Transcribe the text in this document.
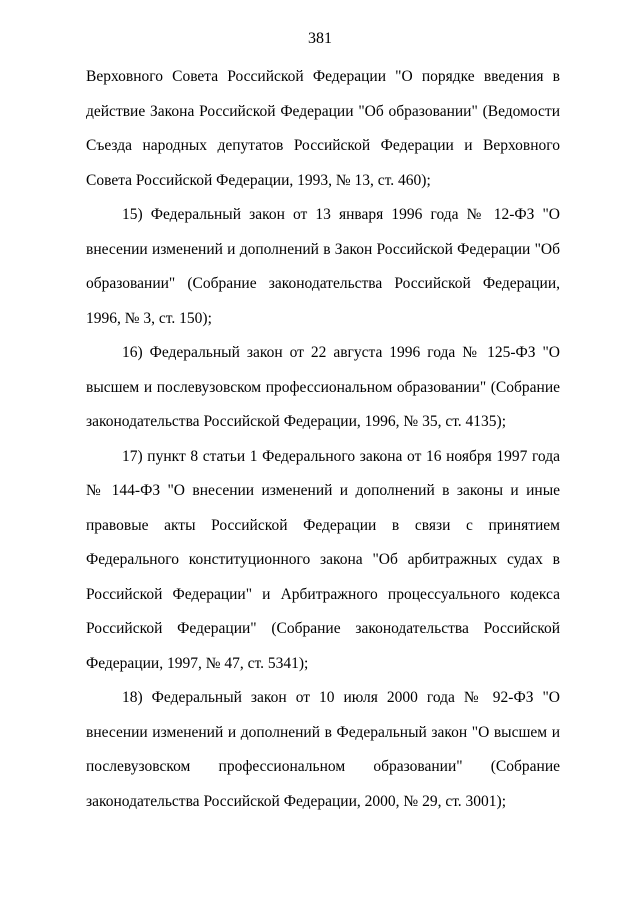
381

Верховного Совета Российской Федерации "О порядке введения в действие Закона Российской Федерации "Об образовании" (Ведомости Съезда народных депутатов Российской Федерации и Верховного Совета Российской Федерации, 1993, № 13, ст. 460);

15) Федеральный закон от 13 января 1996 года № 12-ФЗ "О внесении изменений и дополнений в Закон Российской Федерации "Об образовании" (Собрание законодательства Российской Федерации, 1996, № 3, ст. 150);

16) Федеральный закон от 22 августа 1996 года № 125-ФЗ "О высшем и послевузовском профессиональном образовании" (Собрание законодательства Российской Федерации, 1996, № 35, ст. 4135);

17) пункт 8 статьи 1 Федерального закона от 16 ноября 1997 года № 144-ФЗ "О внесении изменений и дополнений в законы и иные правовые акты Российской Федерации в связи с принятием Федерального конституционного закона "Об арбитражных судах в Российской Федерации" и Арбитражного процессуального кодекса Российской Федерации" (Собрание законодательства Российской Федерации, 1997, № 47, ст. 5341);

18) Федеральный закон от 10 июля 2000 года № 92-ФЗ "О внесении изменений и дополнений в Федеральный закон "О высшем и послевузовском профессиональном образовании" (Собрание законодательства Российской Федерации, 2000, № 29, ст. 3001);
